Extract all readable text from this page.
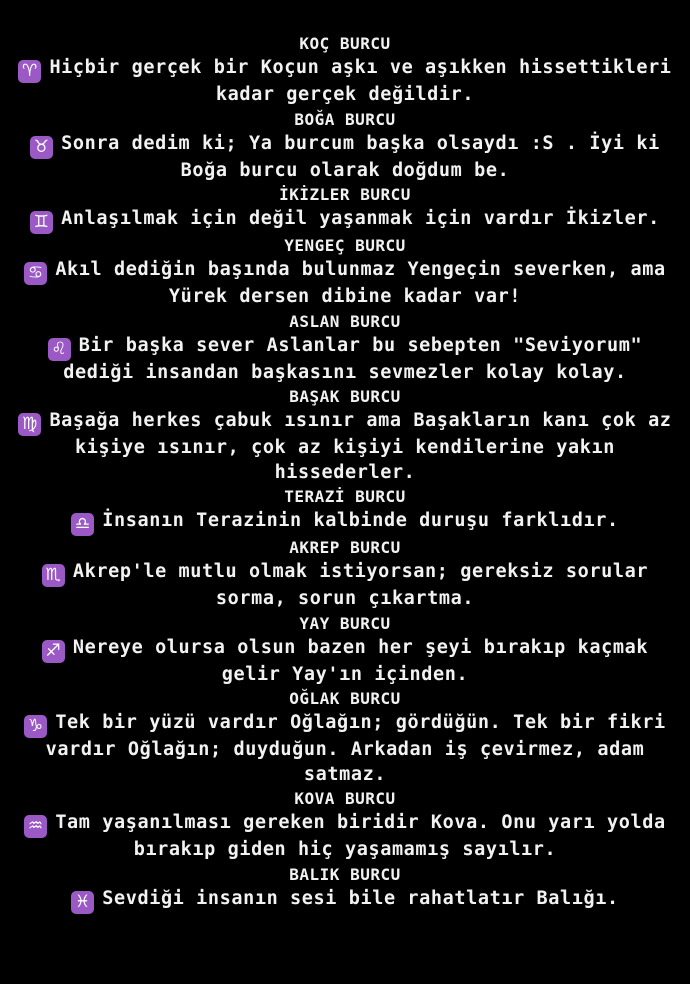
KOÇ BURCU
♈ Hiçbir gerçek bir Koçun aşkı ve aşıkken hissettikleri kadar gerçek değildir.
BOĞA BURCU
♉ Sonra dedim ki; Ya burcum başka olsaydı :S . İyi ki Boğa burcu olarak doğdum be.
İKİZLER BURCU
♊ Anlaşılmak için değil yaşanmak için vardır İkizler.
YENGEÇ BURCU
♋ Akıl dediğin başında bulunmaz Yengeçin severken, ama Yürek dersen dibine kadar var!
ASLAN BURCU
♌ Bir başka sever Aslanlar bu sebepten "Seviyorum" dediği insandan başkasını sevmezler kolay kolay.
BAŞAK BURCU
♍ Başağa herkes çabuk ısınır ama Başakların kanı çok az kişiye ısınır, çok az kişiyi kendilerine yakın hissederler.
TERAZİ BURCU
♎ İnsanın Terazinin kalbinde duruşu farklıdır.
AKREP BURCU
♏ Akrep'le mutlu olmak istiyorsan; gereksiz sorular sorma, sorun çıkartma.
YAY BURCU
♐ Nereye olursa olsun bazen her şeyi bırakıp kaçmak gelir Yay'ın içinden.
OĞLAK BURCU
♑ Tek bir yüzü vardır Oğlağın; gördüğün. Tek bir fikri vardır Oğlağın; duyduğun. Arkadan iş çevirmez, adam satmaz.
KOVA BURCU
♒ Tam yaşanılması gereken biridir Kova. Onu yarı yolda bırakıp giden hiç yaşamamış sayılır.
BALIK BURCU
♓ Sevdiği insanın sesi bile rahatlatır Balığı.
